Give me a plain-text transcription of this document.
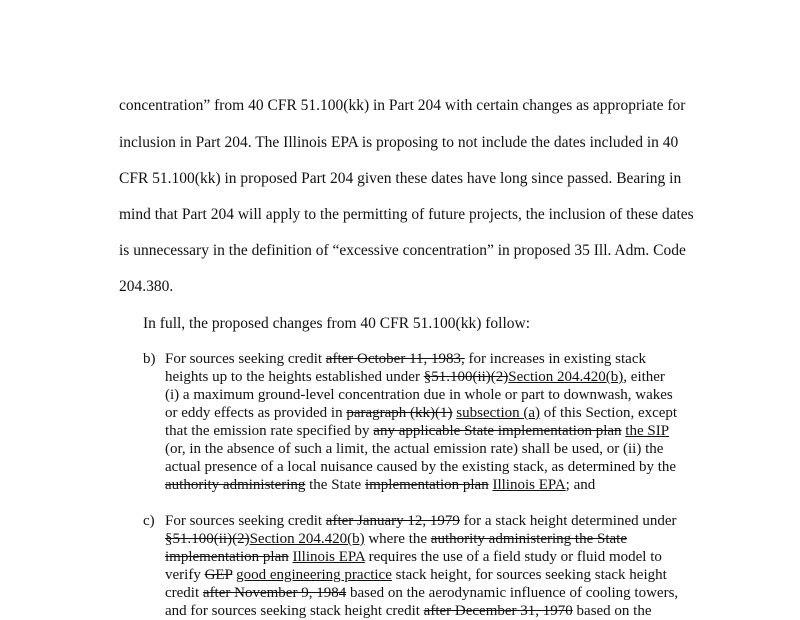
concentration” from 40 CFR 51.100(kk) in Part 204 with certain changes as appropriate for
inclusion in Part 204. The Illinois EPA is proposing to not include the dates included in 40
CFR 51.100(kk) in proposed Part 204 given these dates have long since passed. Bearing in
mind that Part 204 will apply to the permitting of future projects, the inclusion of these dates
is unnecessary in the definition of “excessive concentration” in proposed 35 Ill. Adm. Code
204.380.
In full, the proposed changes from 40 CFR 51.100(kk) follow:
b) For sources seeking credit after October 11, 1983, for increases in existing stack
heights up to the heights established under §51.100(ii)(2)Section 204.420(b), either
(i) a maximum ground-level concentration due in whole or part to downwash, wakes
or eddy effects as provided in paragraph (kk)(1) subsection (a) of this Section, except
that the emission rate specified by any applicable State implementation plan the SIP
(or, in the absence of such a limit, the actual emission rate) shall be used, or (ii) the
actual presence of a local nuisance caused by the existing stack, as determined by the
authority administering the State implementation plan Illinois EPA; and
c) For sources seeking credit after January 12, 1979 for a stack height determined under
§51.100(ii)(2)Section 204.420(b) where the authority administering the State
implementation plan Illinois EPA requires the use of a field study or fluid model to
verify GEP good engineering practice stack height, for sources seeking stack height
credit after November 9, 1984 based on the aerodynamic influence of cooling towers,
and for sources seeking stack height credit after December 31, 1970 based on the
